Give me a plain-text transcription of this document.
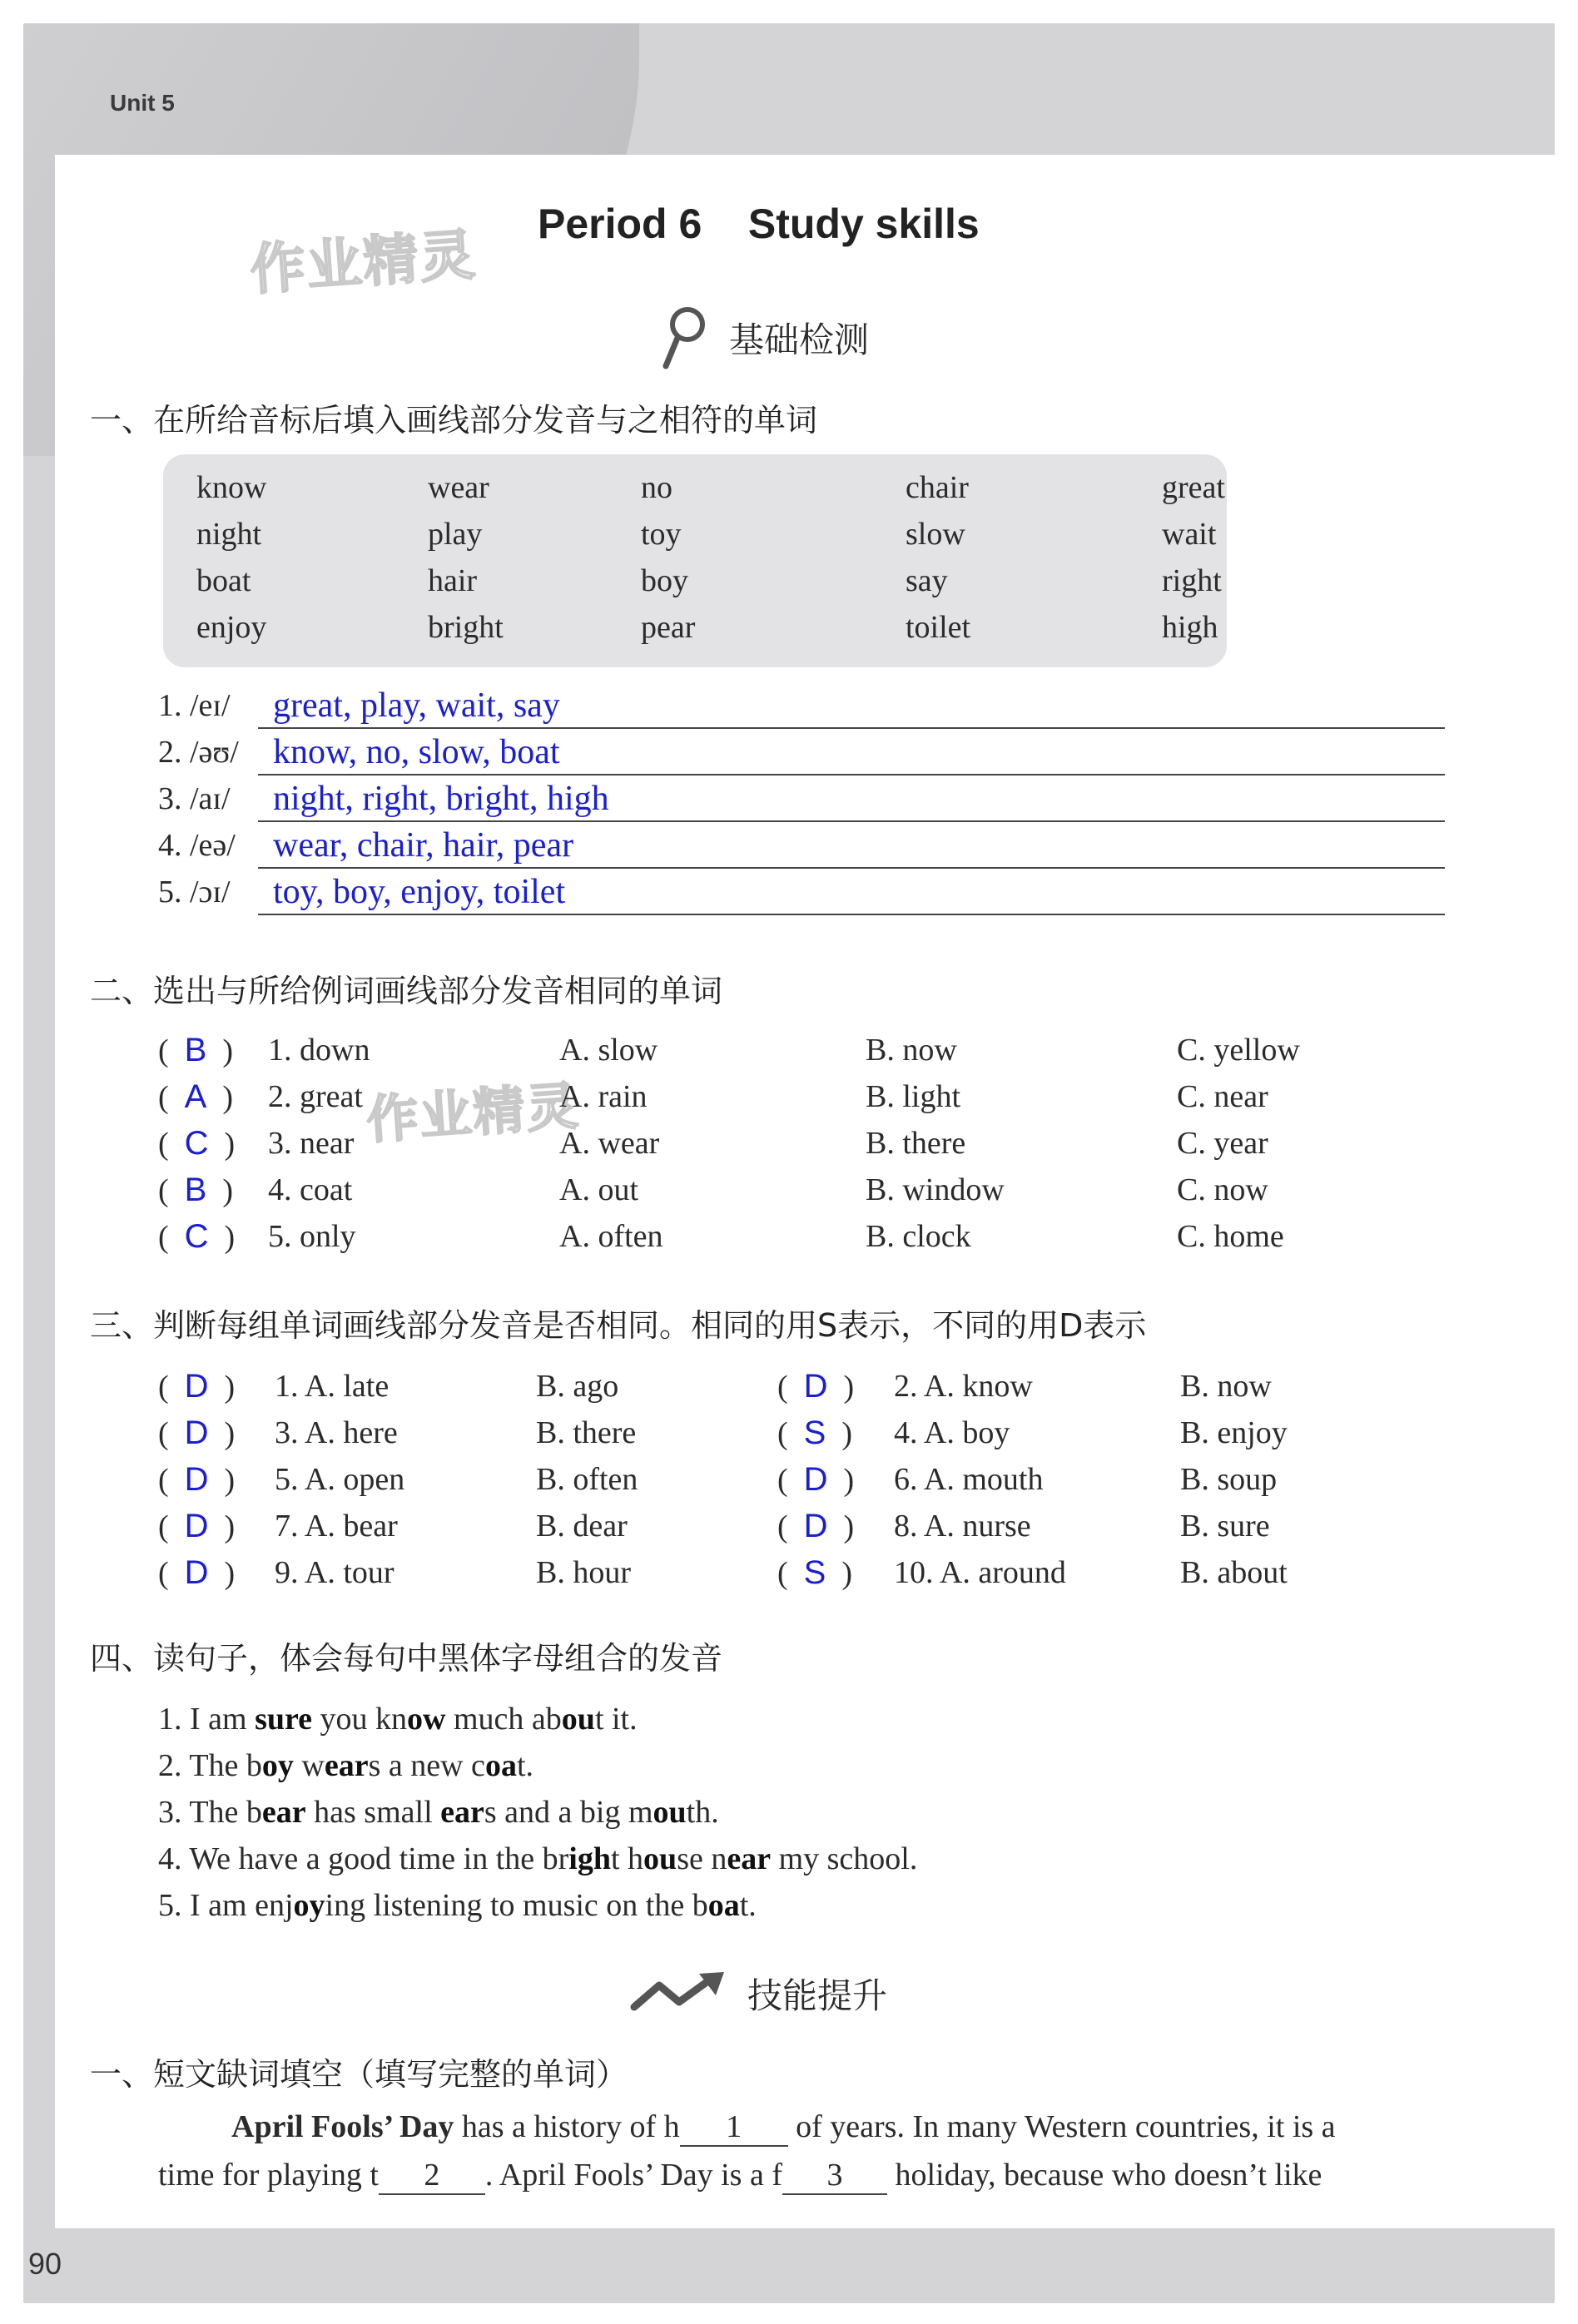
Unit 5
90
作业精灵
作业精灵
Period 6    Study skills
基础检测
一、在所给音标后填入画线部分发音与之相符的单词
know	wear	no	chair	great
night	play	toy	slow	wait
boat	hair	boy	say	right
enjoy	bright	pear	toilet	high
1. /eɪ/ great, play, wait, say
2. /əʊ/ know, no, slow, boat
3. /aɪ/ night, right, bright, high
4. /eə/ wear, chair, hair, pear
5. /ɔɪ/ toy, boy, enjoy, toilet
二、选出与所给例词画线部分发音相同的单词
(  B  ) 1. down	A. slow	B. now	C. yellow
(  A  ) 2. great	A. rain	B. light	C. near
(  C  ) 3. near	A. wear	B. there	C. year
(  B  ) 4. coat	A. out	B. window	C. now
(  C  ) 5. only	A. often	B. clock	C. home
三、判断每组单词画线部分发音是否相同。相同的用S表示，不同的用D表示
(  D  ) 1. A. late	B. ago	(  D  ) 2. A. know	B. now
(  D  ) 3. A. here	B. there	(  S  ) 4. A. boy	B. enjoy
(  D  ) 5. A. open	B. often	(  D  ) 6. A. mouth	B. soup
(  D  ) 7. A. bear	B. dear	(  D  ) 8. A. nurse	B. sure
(  D  ) 9. A. tour	B. hour	(  S  ) 10. A. around	B. about
四、读句子，体会每句中黑体字母组合的发音
1. I am sure you know much about it.
2. The boy wears a new coat.
3. The bear has small ears and a big mouth.
4. We have a good time in the bright house near my school.
5. I am enjoying listening to music on the boat.
技能提升
一、短文缺词填空（填写完整的单词）
April Fools’ Day has a history of h 1 of years. In many Western countries, it is a
time for playing t 2 . April Fools’ Day is a f 3 holiday, because who doesn’t like
